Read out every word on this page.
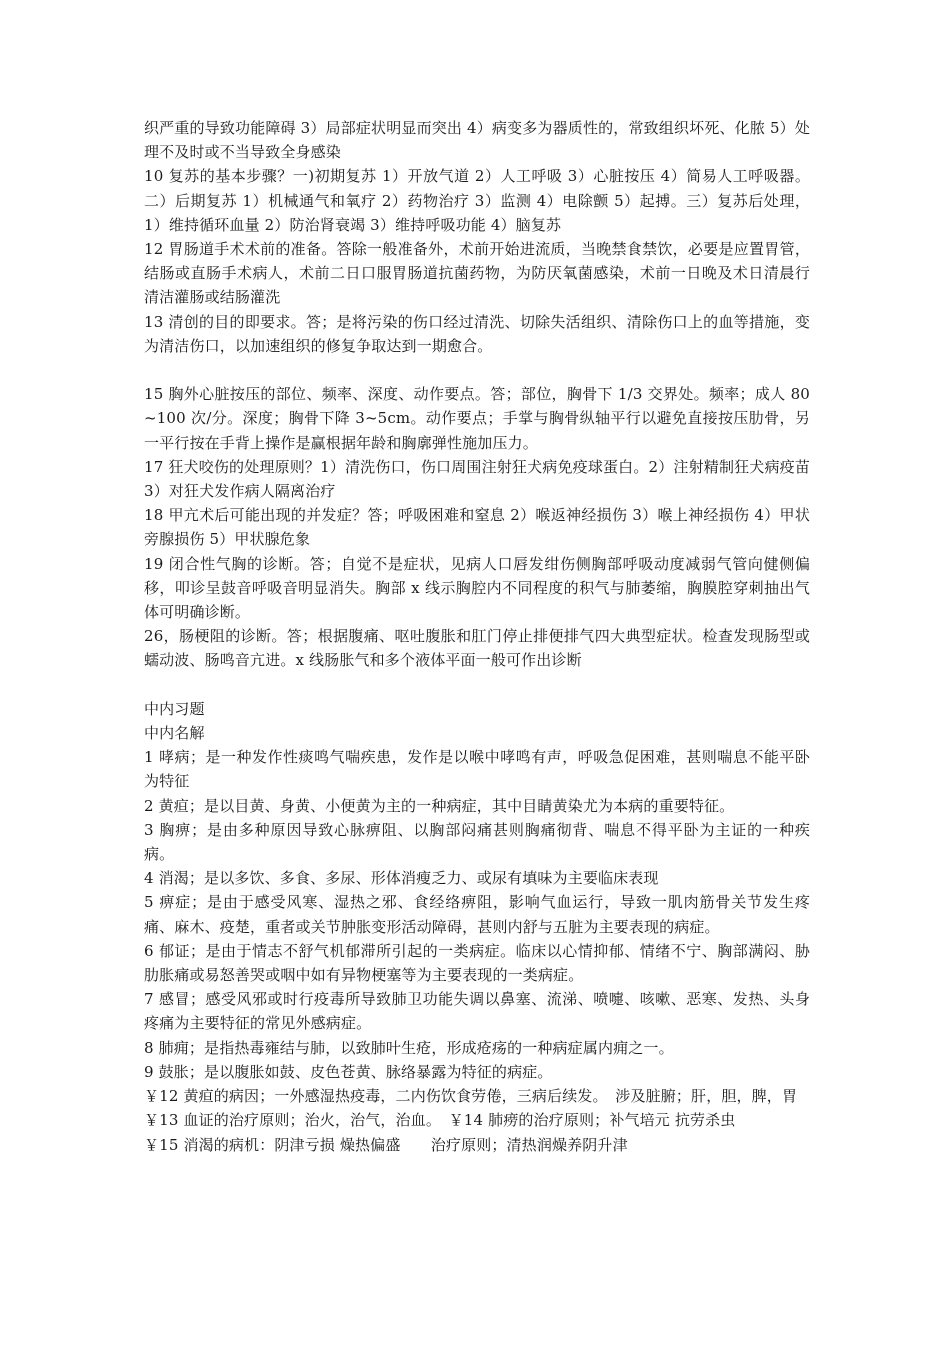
织严重的导致功能障碍 3）局部症状明显而突出 4）病变多为器质性的，常致组织坏死、化脓 5）处理不及时或不当导致全身感染

10 复苏的基本步骤？一)初期复苏 1）开放气道 2）人工呼吸 3）心脏按压 4）简易人工呼吸器。二）后期复苏 1）机械通气和氧疗 2）药物治疗 3）监测 4）电除颤 5）起搏。三）复苏后处理，1）维持循环血量 2）防治肾衰竭 3）维持呼吸功能 4）脑复苏

12 胃肠道手术术前的准备。答除一般准备外，术前开始进流质，当晚禁食禁饮，必要是应置胃管，结肠或直肠手术病人，术前二日口服胃肠道抗菌药物，为防厌氧菌感染，术前一日晚及术日清晨行清洁灌肠或结肠灌洗

13 清创的目的即要求。答；是将污染的伤口经过清洗、切除失活组织、清除伤口上的血等措施，变为清洁伤口，以加速组织的修复争取达到一期愈合。

15 胸外心脏按压的部位、频率、深度、动作要点。答；部位，胸骨下 1/3 交界处。频率；成人 80~100 次/分。深度；胸骨下降 3~5cm。动作要点；手掌与胸骨纵轴平行以避免直接按压肋骨，另一平行按在手背上操作是赢根据年龄和胸廓弹性施加压力。

17 狂犬咬伤的处理原则？1）清洗伤口，伤口周围注射狂犬病免疫球蛋白。2）注射精制狂犬病疫苗 3）对狂犬发作病人隔离治疗

18 甲亢术后可能出现的并发症？答；呼吸困难和窒息 2）喉返神经损伤 3）喉上神经损伤 4）甲状旁腺损伤 5）甲状腺危象

19 闭合性气胸的诊断。答；自觉不是症状，见病人口唇发绀伤侧胸部呼吸动度减弱气管向健侧偏移，叩诊呈鼓音呼吸音明显消失。胸部 x 线示胸腔内不同程度的积气与肺萎缩，胸膜腔穿刺抽出气体可明确诊断。

26，肠梗阻的诊断。答；根据腹痛、呕吐腹胀和肛门停止排便排气四大典型症状。检查发现肠型或蠕动波、肠鸣音亢进。x 线肠胀气和多个液体平面一般可作出诊断

中内习题

中内名解

1 哮病；是一种发作性痰鸣气喘疾患，发作是以喉中哮鸣有声，呼吸急促困难，甚则喘息不能平卧为特征

2 黄疸；是以目黄、身黄、小便黄为主的一种病症，其中目睛黄染尤为本病的重要特征。

3 胸痹；是由多种原因导致心脉痹阻、以胸部闷痛甚则胸痛彻背、喘息不得平卧为主证的一种疾病。

4 消渴；是以多饮、多食、多尿、形体消瘦乏力、或尿有填味为主要临床表现

5 痹症；是由于感受风寒、湿热之邪、食经络痹阻，影响气血运行，导致一肌肉筋骨关节发生疼痛、麻木、疫楚，重者或关节肿胀变形活动障碍，甚则内舒与五脏为主要表现的病症。

6 郁证；是由于情志不舒气机郁滞所引起的一类病症。临床以心情抑郁、情绪不宁、胸部满闷、胁肋胀痛或易怒善哭或咽中如有异物梗塞等为主要表现的一类病症。

7 感冒；感受风邪或时行疫毒所导致肺卫功能失调以鼻塞、流涕、喷嚏、咳嗽、恶寒、发热、头身疼痛为主要特征的常见外感病症。

8 肺痈；是指热毒雍结与肺，以致肺叶生疮，形成疮疡的一种病症属内痈之一。

9 鼓胀；是以腹胀如鼓、皮色苍黄、脉络暴露为特征的病症。

￥12 黄疸的病因；一外感湿热疫毒，二内伤饮食劳倦，三病后续发。　涉及脏腑；肝，胆，脾，胃

￥13 血证的治疗原则；治火，治气，治血。　￥14 肺痨的治疗原则；补气培元 抗劳杀虫

￥15 消渴的病机：阴津亏损 燥热偏盛　　治疗原则；清热润燥养阴升津
